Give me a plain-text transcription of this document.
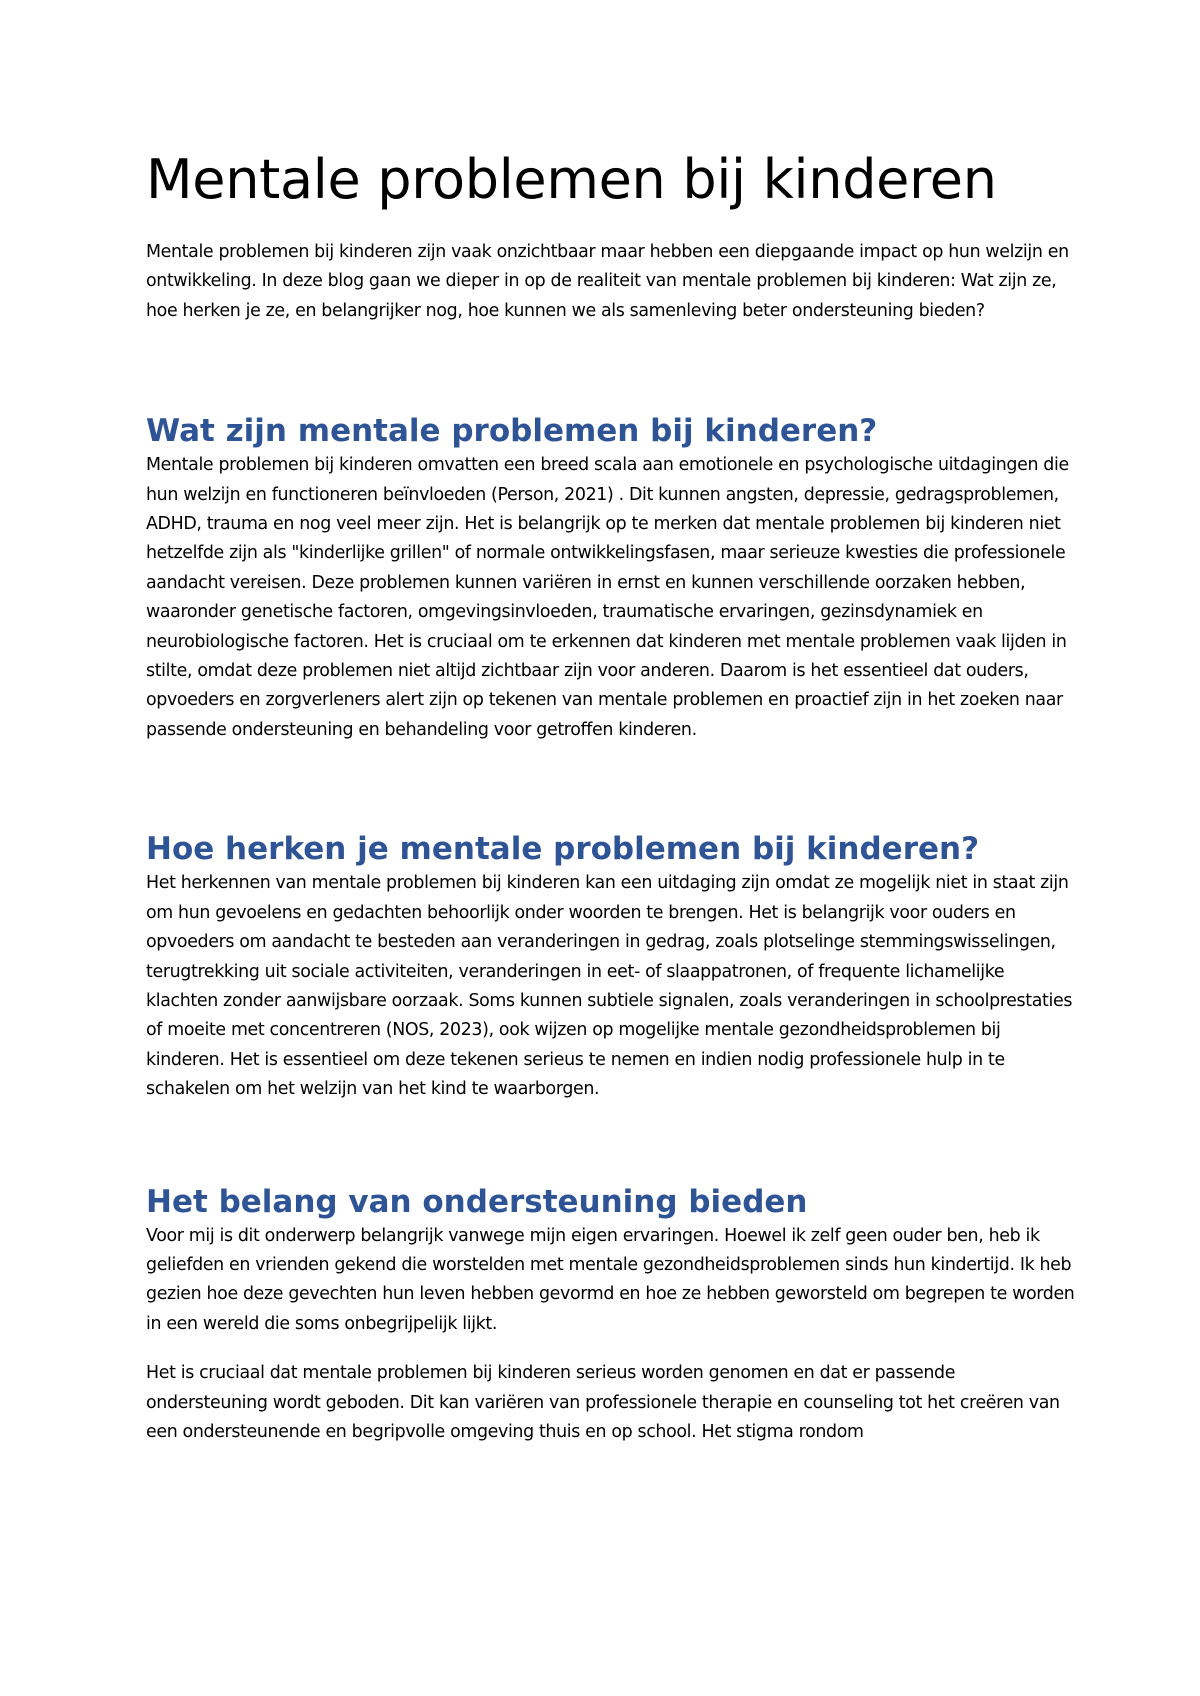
Mentale problemen bij kinderen

Mentale problemen bij kinderen zijn vaak onzichtbaar maar hebben een diepgaande impact op hun welzijn en ontwikkeling. In deze blog gaan we dieper in op de realiteit van mentale problemen bij kinderen: Wat zijn ze, hoe herken je ze, en belangrijker nog, hoe kunnen we als samenleving beter ondersteuning bieden?

Wat zijn mentale problemen bij kinderen?

Mentale problemen bij kinderen omvatten een breed scala aan emotionele en psychologische uitdagingen die hun welzijn en functioneren beïnvloeden (Person, 2021) . Dit kunnen angsten, depressie, gedragsproblemen, ADHD, trauma en nog veel meer zijn. Het is belangrijk op te merken dat mentale problemen bij kinderen niet hetzelfde zijn als "kinderlijke grillen" of normale ontwikkelingsfasen, maar serieuze kwesties die professionele aandacht vereisen. Deze problemen kunnen variëren in ernst en kunnen verschillende oorzaken hebben, waaronder genetische factoren, omgevingsinvloeden, traumatische ervaringen, gezinsdynamiek en neurobiologische factoren. Het is cruciaal om te erkennen dat kinderen met mentale problemen vaak lijden in stilte, omdat deze problemen niet altijd zichtbaar zijn voor anderen. Daarom is het essentieel dat ouders, opvoeders en zorgverleners alert zijn op tekenen van mentale problemen en proactief zijn in het zoeken naar passende ondersteuning en behandeling voor getroffen kinderen.

Hoe herken je mentale problemen bij kinderen?

Het herkennen van mentale problemen bij kinderen kan een uitdaging zijn omdat ze mogelijk niet in staat zijn om hun gevoelens en gedachten behoorlijk onder woorden te brengen. Het is belangrijk voor ouders en opvoeders om aandacht te besteden aan veranderingen in gedrag, zoals plotselinge stemmingswisselingen, terugtrekking uit sociale activiteiten, veranderingen in eet- of slaappatronen, of frequente lichamelijke klachten zonder aanwijsbare oorzaak. Soms kunnen subtiele signalen, zoals veranderingen in schoolprestaties of moeite met concentreren (NOS, 2023), ook wijzen op mogelijke mentale gezondheidsproblemen bij kinderen. Het is essentieel om deze tekenen serieus te nemen en indien nodig professionele hulp in te schakelen om het welzijn van het kind te waarborgen.

Het belang van ondersteuning bieden

Voor mij is dit onderwerp belangrijk vanwege mijn eigen ervaringen. Hoewel ik zelf geen ouder ben, heb ik geliefden en vrienden gekend die worstelden met mentale gezondheidsproblemen sinds hun kindertijd. Ik heb gezien hoe deze gevechten hun leven hebben gevormd en hoe ze hebben geworsteld om begrepen te worden in een wereld die soms onbegrijpelijk lijkt.

Het is cruciaal dat mentale problemen bij kinderen serieus worden genomen en dat er passende ondersteuning wordt geboden. Dit kan variëren van professionele therapie en counseling tot het creëren van een ondersteunende en begripvolle omgeving thuis en op school. Het stigma rondom
